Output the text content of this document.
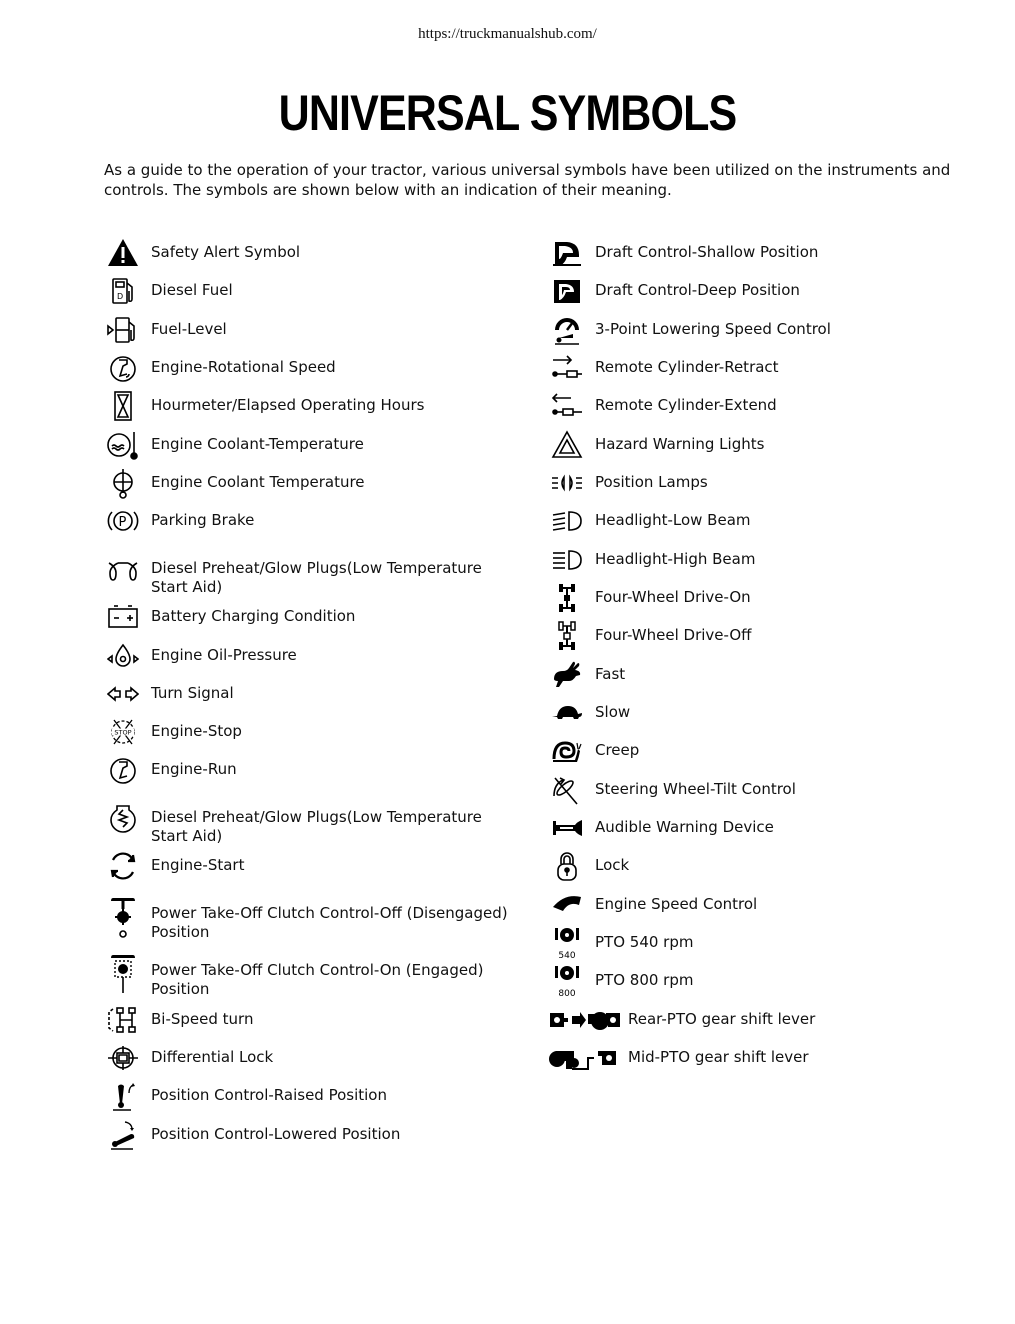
https://truckmanualshub.com/
UNIVERSAL SYMBOLS
As a guide to the operation of your tractor, various universal symbols have been utilized on the instruments and controls. The symbols are shown below with an indication of their meaning.
Safety Alert Symbol
D Diesel Fuel
Fuel-Level
Engine-Rotational Speed
Hourmeter/Elapsed Operating Hours
Engine Coolant-Temperature
Engine Coolant Temperature
P Parking Brake
Diesel Preheat/Glow Plugs(Low Temperature Start Aid)
Battery Charging Condition
Engine Oil-Pressure
Turn Signal
STOP Engine-Stop
Engine-Run
Diesel Preheat/Glow Plugs(Low Temperature Start Aid)
Engine-Start
Power Take-Off Clutch Control-Off (Disengaged) Position
Power Take-Off Clutch Control-On (Engaged) Position
Bi-Speed turn
Differential Lock
Position Control-Raised Position
Position Control-Lowered Position
Draft Control-Shallow Position
Draft Control-Deep Position
3-Point Lowering Speed Control
Remote Cylinder-Retract
Remote Cylinder-Extend
Hazard Warning Lights
Position Lamps
Headlight-Low Beam
Headlight-High Beam
Four-Wheel Drive-On
Four-Wheel Drive-Off
Fast
Slow
Creep
Steering Wheel-Tilt Control
Audible Warning Device
Lock
Engine Speed Control
540
PTO 540 rpm
800
PTO 800 rpm
Rear-PTO gear shift lever
Mid-PTO gear shift lever
